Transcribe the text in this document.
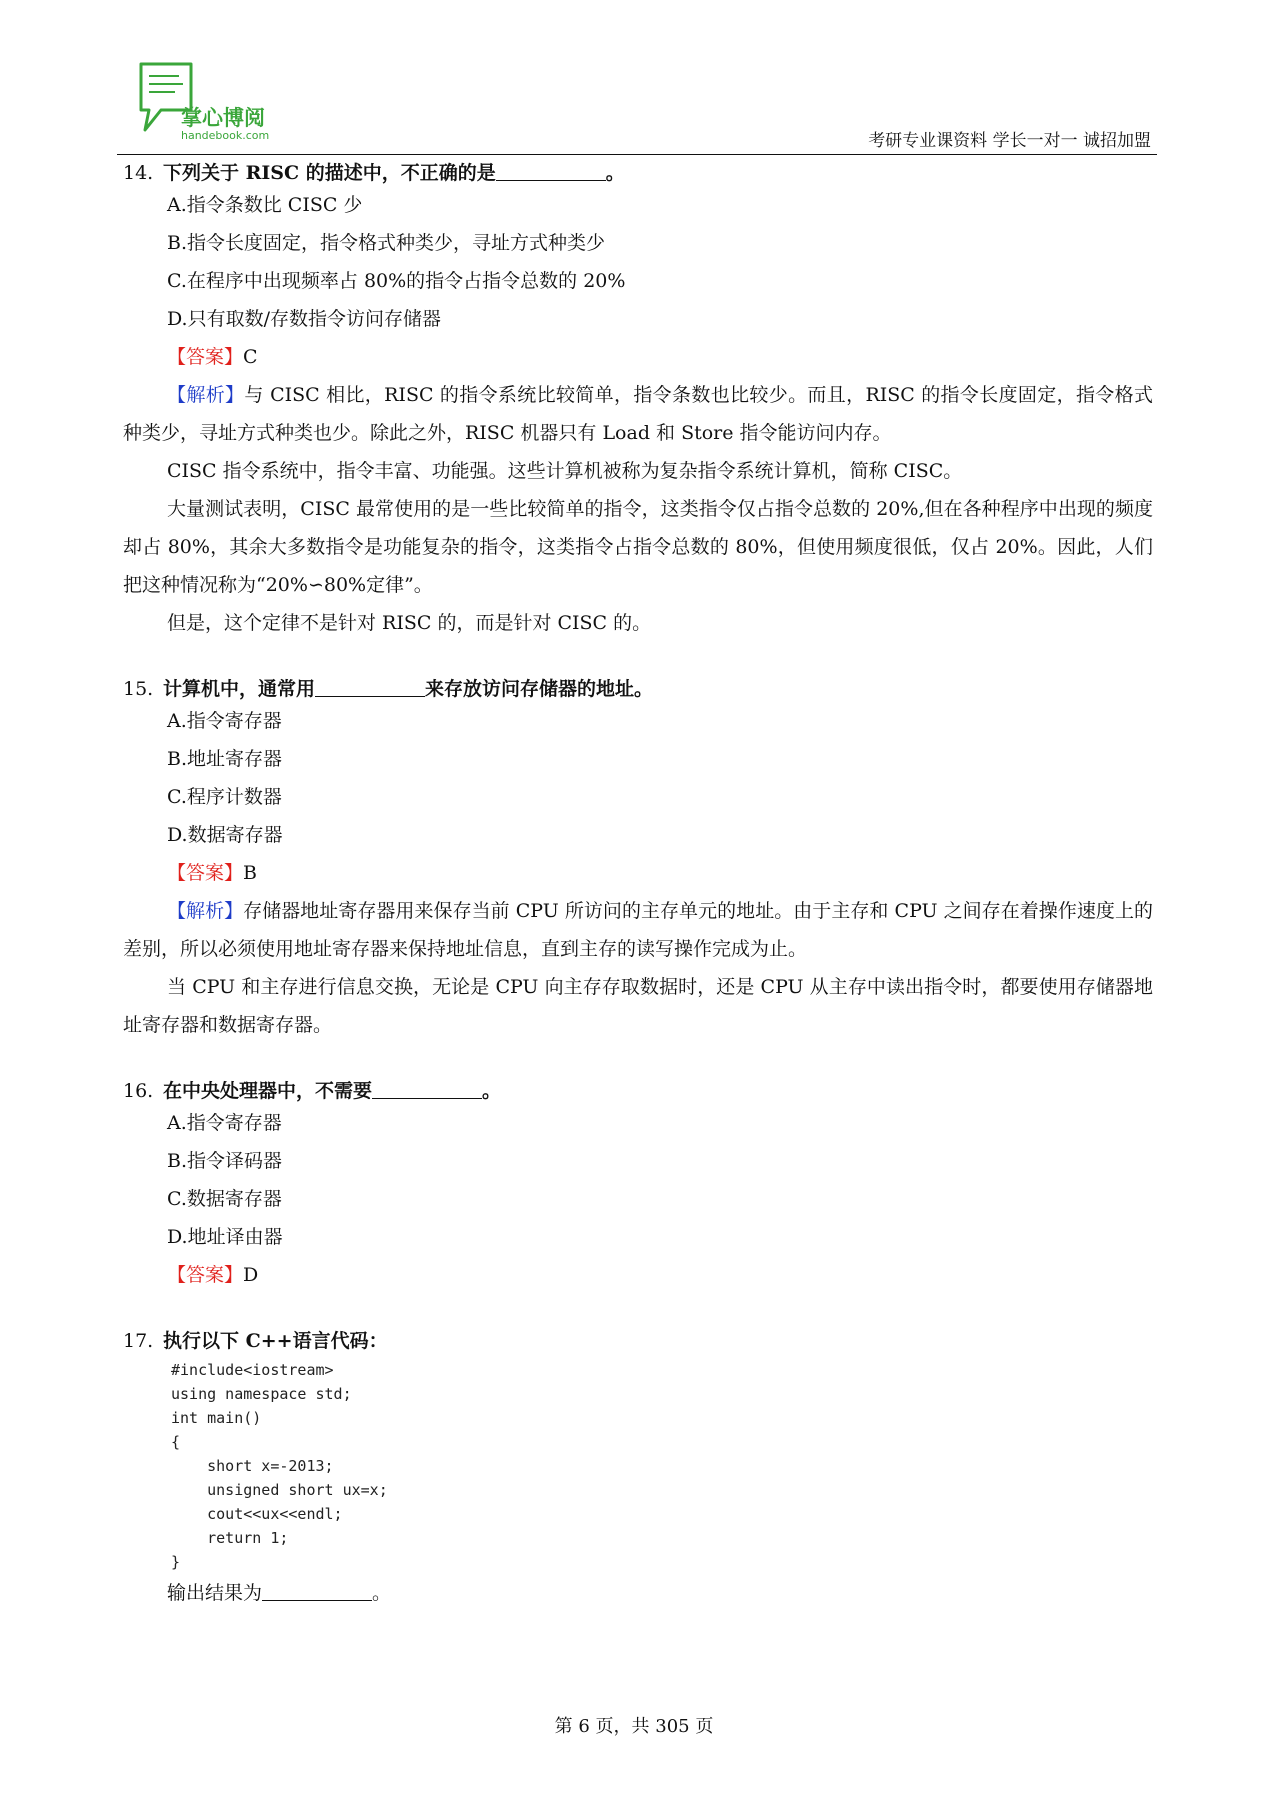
掌心博阅
handebook.com	考研专业课资料 学长一对一 诚招加盟
14. 下列关于 RISC 的描述中，不正确的是	。
A.指令条数比 CISC 少
B.指令长度固定，指令格式种类少，寻址方式种类少
C.在程序中出现频率占 80%的指令占指令总数的 20%
D.只有取数/存数指令访问存储器
【答案】C
【解析】与 CISC 相比，RISC 的指令系统比较简单，指令条数也比较少。而且，RISC 的指令长度固定，指令格式种类少，寻址方式种类也少。除此之外，RISC 机器只有 Load 和 Store 指令能访问内存。
CISC 指令系统中，指令丰富、功能强。这些计算机被称为复杂指令系统计算机，简称 CISC。
大量测试表明，CISC 最常使用的是一些比较简单的指令，这类指令仅占指令总数的 20%,但在各种程序中出现的频度却占 80%，其余大多数指令是功能复杂的指令，这类指令占指令总数的 80%，但使用频度很低，仅占 20%。因此，人们把这种情况称为“20%∽80%定律”。
但是，这个定律不是针对 RISC 的，而是针对 CISC 的。
15. 计算机中，通常用	来存放访问存储器的地址。
A.指令寄存器
B.地址寄存器
C.程序计数器
D.数据寄存器
【答案】B
【解析】存储器地址寄存器用来保存当前 CPU 所访问的主存单元的地址。由于主存和 CPU 之间存在着操作速度上的差别，所以必须使用地址寄存器来保持地址信息，直到主存的读写操作完成为止。
当 CPU 和主存进行信息交换，无论是 CPU 向主存存取数据时，还是 CPU 从主存中读出指令时，都要使用存储器地址寄存器和数据寄存器。
16. 在中央处理器中，不需要	。
A.指令寄存器
B.指令译码器
C.数据寄存器
D.地址译由器
【答案】D
17. 执行以下 C++语言代码：
#include<iostream>
using namespace std;
int main()
{
short x=-2013;
unsigned short ux=x;
cout<<ux<<endl;
return 1;
}
输出结果为	。
第 6 页，共 305 页
